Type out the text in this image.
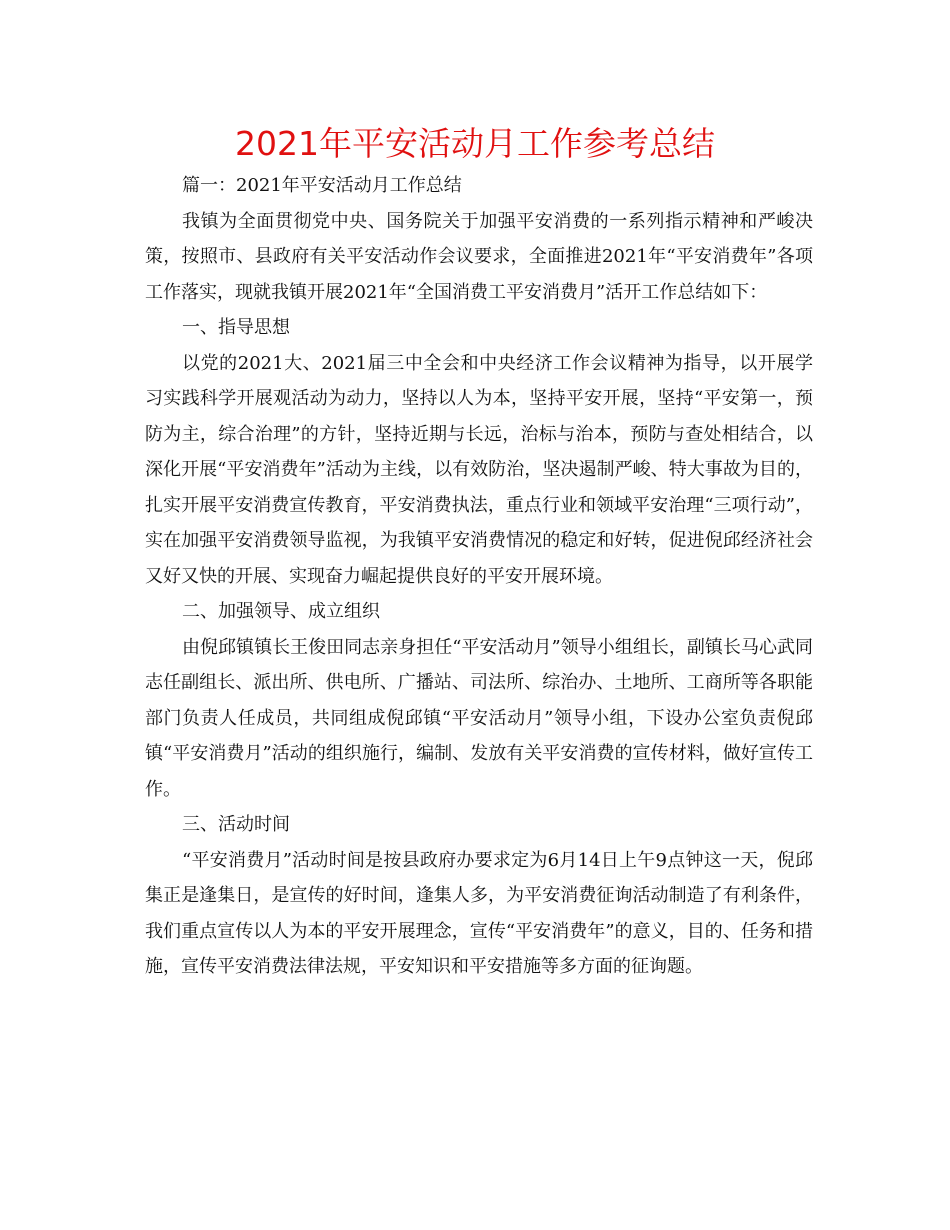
2021年平安活动月工作参考总结

篇一：2021年平安活动月工作总结

我镇为全面贯彻党中央、国务院关于加强平安消费的一系列指示精神和严峻决策，按照市、县政府有关平安活动作会议要求，全面推进2021年“平安消费年”各项工作落实，现就我镇开展2021年“全国消费工平安消费月”活开工作总结如下：

一、指导思想

以党的2021大、2021届三中全会和中央经济工作会议精神为指导，以开展学习实践科学开展观活动为动力，坚持以人为本，坚持平安开展，坚持“平安第一，预防为主，综合治理”的方针，坚持近期与长远，治标与治本，预防与查处相结合，以深化开展“平安消费年”活动为主线，以有效防治，坚决遏制严峻、特大事故为目的，扎实开展平安消费宣传教育，平安消费执法，重点行业和领域平安治理“三项行动”，实在加强平安消费领导监视，为我镇平安消费情况的稳定和好转，促进倪邱经济社会又好又快的开展、实现奋力崛起提供良好的平安开展环境。

二、加强领导、成立组织

由倪邱镇镇长王俊田同志亲身担任“平安活动月”领导小组组长，副镇长马心武同志任副组长、派出所、供电所、广播站、司法所、综治办、土地所、工商所等各职能部门负责人任成员，共同组成倪邱镇“平安活动月”领导小组，下设办公室负责倪邱镇“平安消费月”活动的组织施行，编制、发放有关平安消费的宣传材料，做好宣传工作。

三、活动时间

“平安消费月”活动时间是按县政府办要求定为6月14日上午9点钟这一天，倪邱集正是逢集日，是宣传的好时间，逢集人多，为平安消费征询活动制造了有利条件，我们重点宣传以人为本的平安开展理念，宣传“平安消费年”的意义，目的、任务和措施，宣传平安消费法律法规，平安知识和平安措施等多方面的征询题。
